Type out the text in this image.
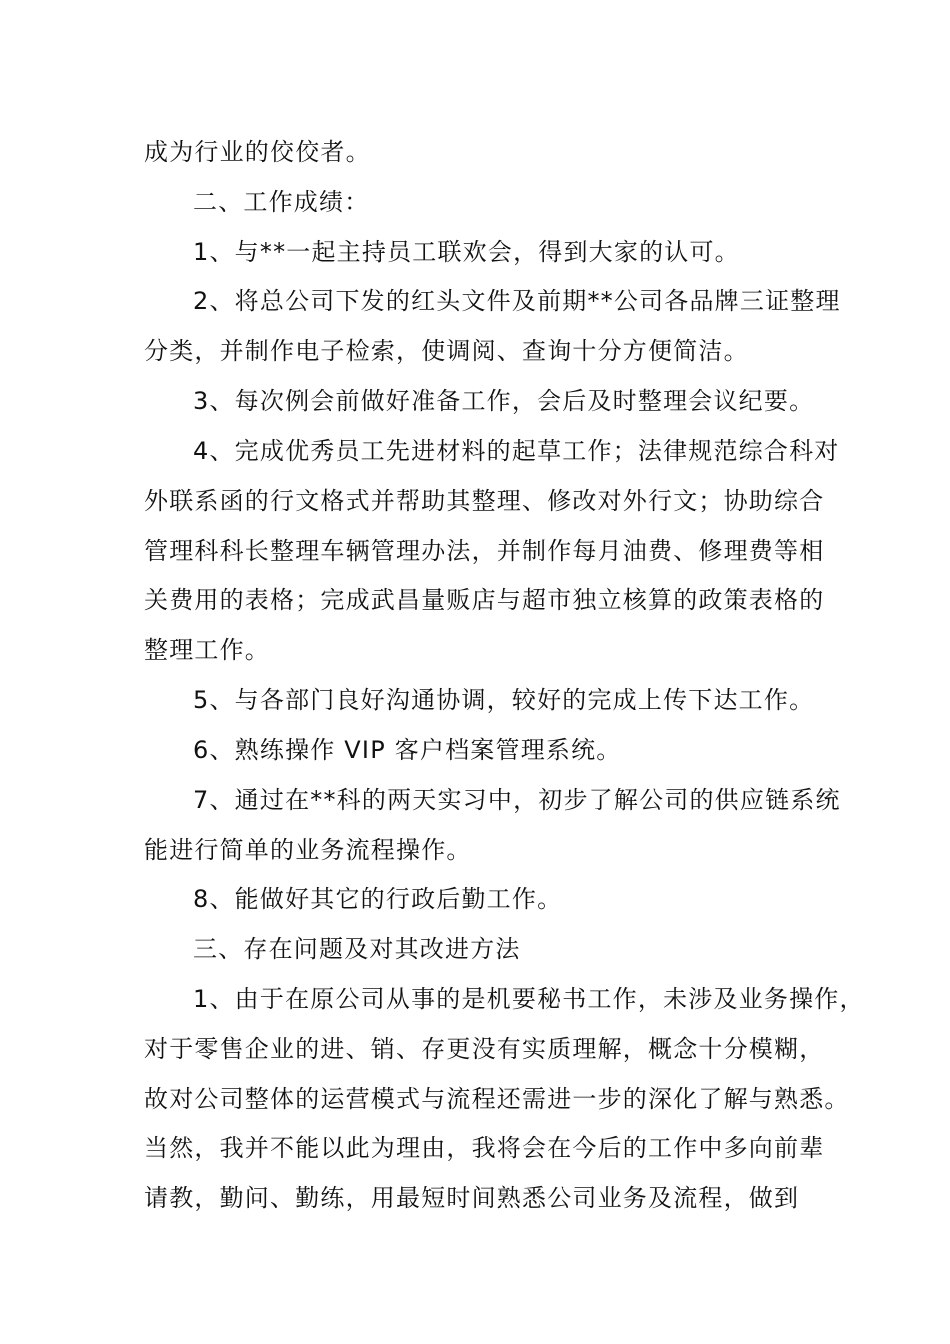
成为行业的佼佼者。
二、工作成绩：
1、与**一起主持员工联欢会，得到大家的认可。
2、将总公司下发的红头文件及前期**公司各品牌三证整理
分类，并制作电子检索，使调阅、查询十分方便简洁。
3、每次例会前做好准备工作，会后及时整理会议纪要。
4、完成优秀员工先进材料的起草工作；法律规范综合科对
外联系函的行文格式并帮助其整理、修改对外行文；协助综合
管理科科长整理车辆管理办法，并制作每月油费、修理费等相
关费用的表格；完成武昌量贩店与超市独立核算的政策表格的
整理工作。
5、与各部门良好沟通协调，较好的完成上传下达工作。
6、熟练操作 VIP 客户档案管理系统。
7、通过在**科的两天实习中，初步了解公司的供应链系统
能进行简单的业务流程操作。
8、能做好其它的行政后勤工作。
三、存在问题及对其改进方法
1、由于在原公司从事的是机要秘书工作，未涉及业务操作，
对于零售企业的进、销、存更没有实质理解，概念十分模糊，
故对公司整体的运营模式与流程还需进一步的深化了解与熟悉。
当然，我并不能以此为理由，我将会在今后的工作中多向前辈
请教，勤问、勤练，用最短时间熟悉公司业务及流程，做到
